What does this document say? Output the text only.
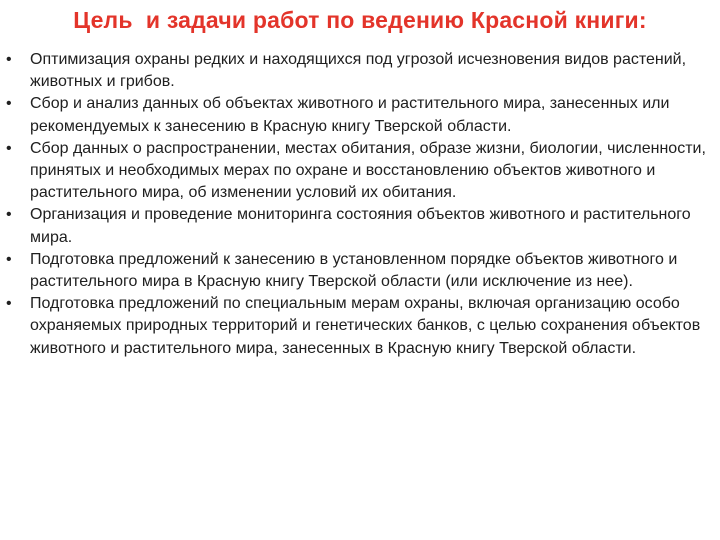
Цель  и задачи работ по ведению Красной книги:
• Оптимизация охраны редких и находящихся под угрозой исчезновения видов растений, животных и грибов.
• Сбор и анализ данных об объектах животного и растительного мира, занесенных или рекомендуемых к занесению в Красную книгу Тверской области.
• Сбор данных о распространении, местах обитания, образе жизни, биологии, численности, принятых и необходимых мерах по охране и восстановлению объектов животного и растительного мира, об изменении условий их обитания.
• Организация и проведение мониторинга состояния объектов животного и растительного мира.
• Подготовка предложений к занесению в установленном порядке объектов животного и растительного мира в Красную книгу Тверской области (или исключение из нее).
• Подготовка предложений по специальным мерам охраны, включая организацию особо охраняемых природных территорий и генетических банков, с целью сохранения объектов животного и растительного мира, занесенных в Красную книгу Тверской области.
